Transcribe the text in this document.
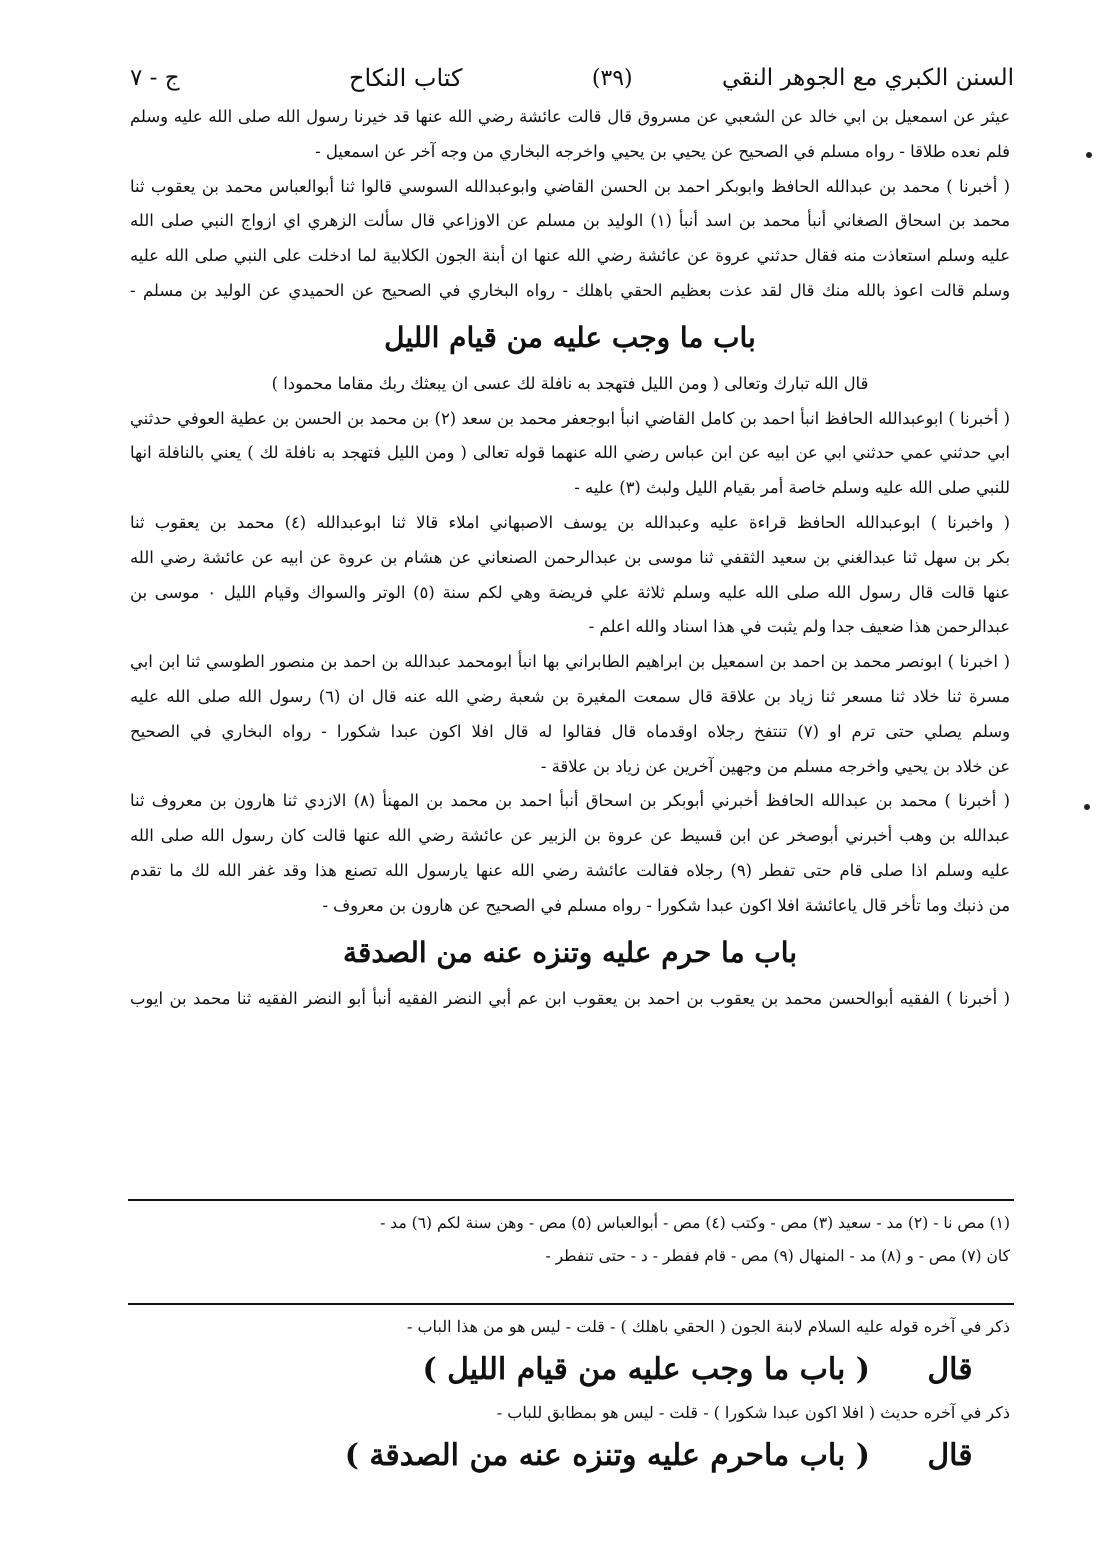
السنن الكبري مع الجوهر النقي
(٣٩)
كتاب النكاح
ج - ٧
عيثر عن اسمعيل بن ابي خالد عن الشعبي عن مسروق قال قالت عائشة رضي الله عنها قد خيرنا رسول الله صلى الله عليه وسلم
فلم نعده طلاقا - رواه مسلم في الصحيح عن يحيي بن يحيي واخرجه البخاري من وجه آخر عن اسمعيل -
( أخبرنا ) محمد بن عبدالله الحافظ وابوبكر احمد بن الحسن القاضي وابوعبدالله السوسي قالوا ثنا أبوالعباس محمد بن يعقوب ثنا
محمد بن اسحاق الصغاني أنبأ محمد بن اسد أنبأ (١) الوليد بن مسلم عن الاوزاعي قال سألت الزهري اي ازواج النبي صلى الله
عليه وسلم استعاذت منه فقال حدثني عروة عن عائشة رضي الله عنها ان أبنة الجون الكلابية لما ادخلت على النبي صلى الله عليه
وسلم قالت اعوذ بالله منك قال لقد عذت بعظيم الحقي باهلك - رواه البخاري في الصحيح عن الحميدي عن الوليد بن مسلم -
باب ما وجب عليه من قيام الليل
قال الله تبارك وتعالى ( ومن الليل فتهجد به نافلة لك عسى ان يبعثك ربك مقاما محمودا )
( أخبرنا ) ابوعبدالله الحافظ انبأ احمد بن كامل القاضي انبأ ابوجعفر محمد بن سعد (٢) بن محمد بن الحسن بن عطية العوفي حدثني
ابي حدثني عمي حدثني ابي عن ابيه عن ابن عباس رضي الله عنهما قوله تعالى ( ومن الليل فتهجد به نافلة لك ) يعني بالنافلة انها
للنبي صلى الله عليه وسلم خاصة أمر بقيام الليل ولبث (٣) عليه -
( واخبرنا ) ابوعبدالله الحافظ قراءة عليه وعبدالله بن يوسف الاصبهاني املاء قالا ثنا ابوعبدالله (٤) محمد بن يعقوب ثنا
بكر بن سهل ثنا عبدالغني بن سعيد الثقفي ثنا موسى بن عبدالرحمن الصنعاني عن هشام بن عروة عن ابيه عن عائشة رضي الله
عنها قالت قال رسول الله صلى الله عليه وسلم ثلاثة علي فريضة وهي لكم سنة (٥) الوتر والسواك وقيام الليل ٠ موسى بن
عبدالرحمن هذا ضعيف جدا ولم يثبت في هذا اسناد والله اعلم -
( اخبرنا ) ابونصر محمد بن احمد بن اسمعيل بن ابراهيم الطابراني بها انبأ ابومحمد عبدالله بن احمد بن منصور الطوسي ثنا ابن ابي
مسرة ثنا خلاد ثنا مسعر ثنا زياد بن علاقة قال سمعت المغيرة بن شعبة رضي الله عنه قال ان (٦) رسول الله صلى الله عليه
وسلم يصلي حتى ترم او (٧) تنتفخ رجلاه اوقدماه قال فقالوا له قال افلا اكون عبدا شكورا - رواه البخاري في الصحيح
عن خلاد بن يحيي واخرجه مسلم من وجهين آخرين عن زياد بن علاقة -
( أخبرنا ) محمد بن عبدالله الحافظ أخبرني أبوبكر بن اسحاق أنبأ احمد بن محمد بن المهنأ (٨) الازدي ثنا هارون بن معروف ثنا
عبدالله بن وهب أخبرني أبوصخر عن ابن قسيط عن عروة بن الزبير عن عائشة رضي الله عنها قالت كان رسول الله صلى الله
عليه وسلم اذا صلى قام حتى تفطر (٩) رجلاه فقالت عائشة رضي الله عنها يارسول الله تصنع هذا وقد غفر الله لك ما تقدم
من ذنبك وما تأخر قال ياعائشة افلا اكون عبدا شكورا - رواه مسلم في الصحيح عن هارون بن معروف -
باب ما حرم عليه وتنزه عنه من الصدقة
( أخبرنا ) الفقيه أبوالحسن محمد بن يعقوب بن احمد بن يعقوب ابن عم أبي النضر الفقيه أنبأ أبو النضر الفقيه ثنا محمد بن ايوب
(١) مص نا - (٢) مد - سعيد (٣) مص - وكتب (٤) مص - أبوالعباس (٥) مص - وهن سنة لكم (٦) مد -
كان (٧) مص - و (٨) مد - المنهال (٩) مص - قام ففطر - د - حتى تنفطر -
ذكر في آخره قوله عليه السلام لابنة الجون ( الحقي باهلك ) - قلت - ليس هو من هذا الباب -
قال
( باب ما وجب عليه من قيام الليل )
ذكر في آخره حديث ( افلا اكون عبدا شكورا ) - قلت - ليس هو بمطابق للباب -
قال
( باب ماحرم عليه وتنزه عنه من الصدقة )
